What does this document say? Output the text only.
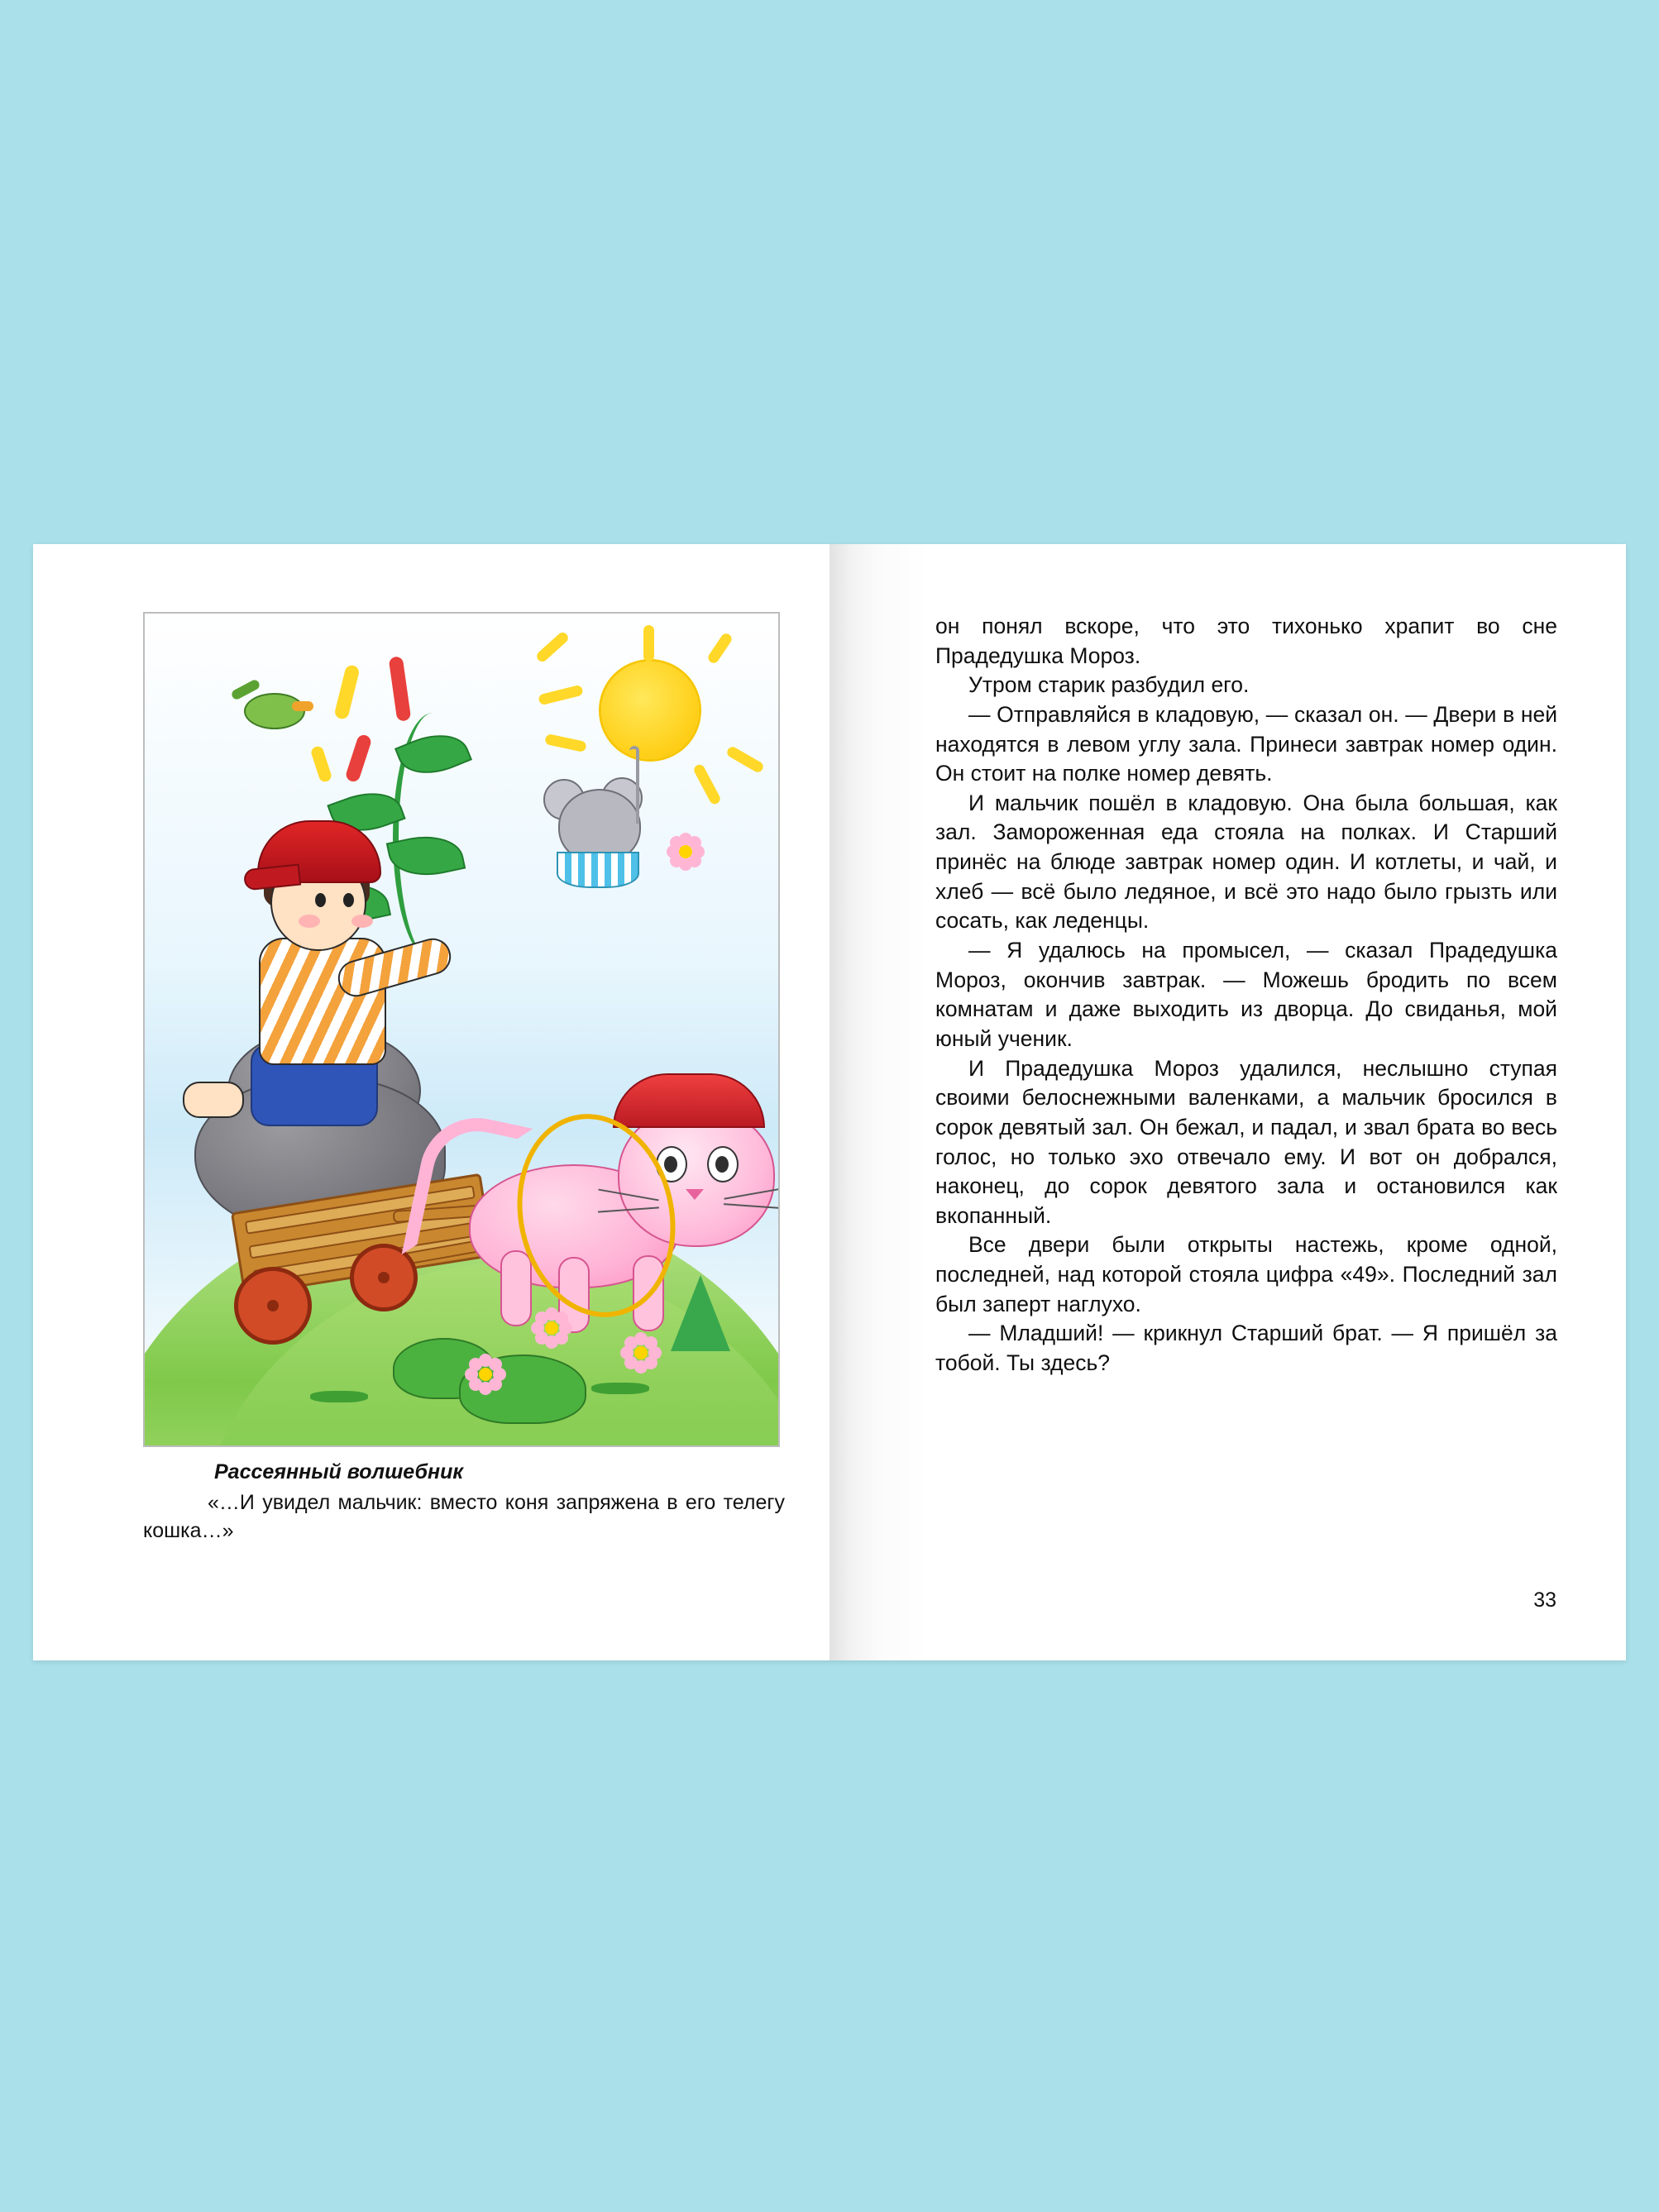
Рассеянный волшебник

«…И увидел мальчик: вместо коня запряжена в его телегу кошка…»

он понял вскоре, что это тихонько храпит во сне Прадедушка Мороз.

Утром старик разбудил его.

— Отправляйся в кладовую, — сказал он. — Двери в ней находятся в левом углу зала. Принеси завтрак номер один. Он стоит на полке номер девять.

И мальчик пошёл в кладовую. Она была большая, как зал. Замороженная еда стояла на полках. И Старший принёс на блюде завтрак номер один. И котлеты, и чай, и хлеб — всё было ледяное, и всё это надо было грызть или сосать, как леденцы.

— Я удалюсь на промысел, — сказал Прадедушка Мороз, окончив завтрак. — Можешь бродить по всем комнатам и даже выходить из дворца. До свиданья, мой юный ученик.

И Прадедушка Мороз удалился, неслышно ступая своими белоснежными валенками, а мальчик бросился в сорок девятый зал. Он бежал, и падал, и звал брата во весь голос, но только эхо отвечало ему. И вот он добрался, наконец, до сорок девятого зала и остановился как вкопанный.

Все двери были открыты настежь, кроме одной, последней, над которой стояла цифра «49». Последний зал был заперт наглухо.

— Младший! — крикнул Старший брат. — Я пришёл за тобой. Ты здесь?

33
